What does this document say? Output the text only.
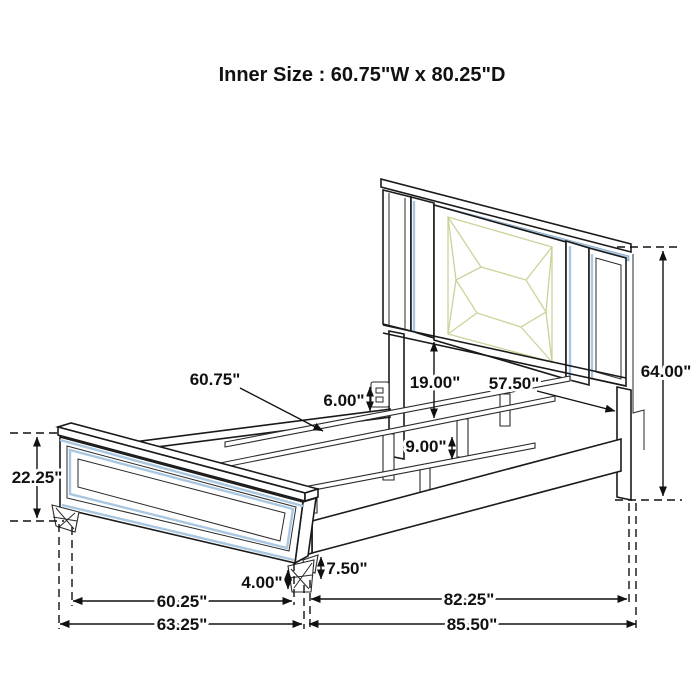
Inner Size : 60.75"W x 80.25"D
22.25"
60.75"
6.00"
19.00" 57.50"
64.00"
9.00"
4.00"
7.50"
60.25"
63.25"
82.25"
85.50"
